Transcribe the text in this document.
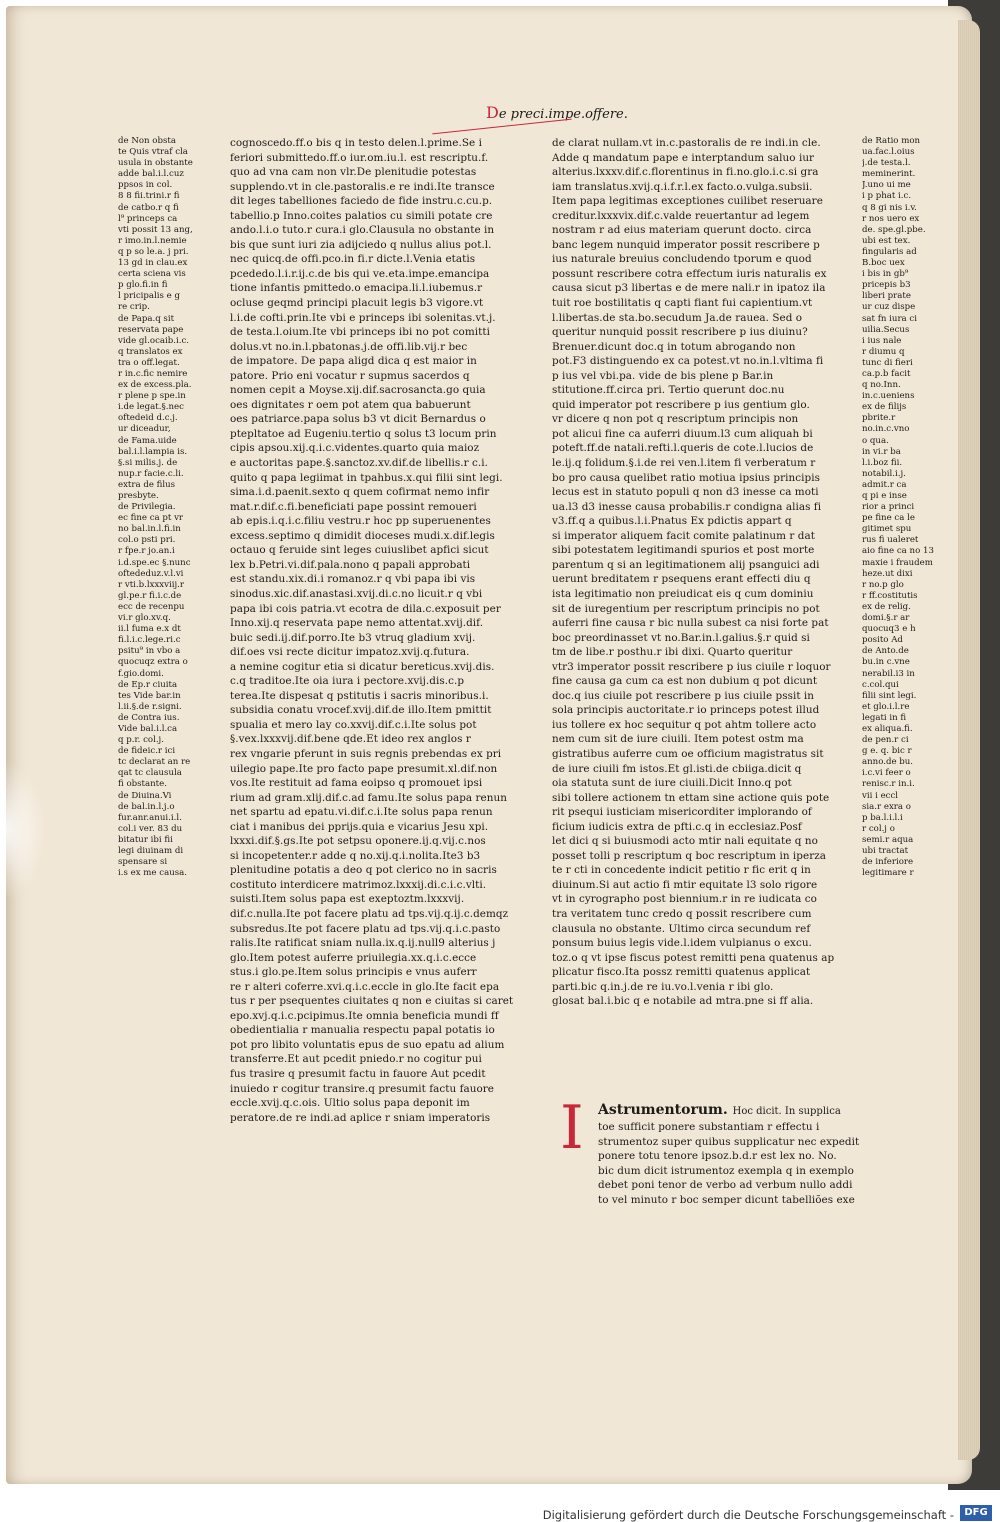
De preci.impe.offere.
de Non obsta
te Quis vtraf cla
usula in obstante
adde bal.i.l.cuz
ppsos in col.
8 8 fii.trini.r fi
de catbo.r q fi
l⁹ princeps ca
vti possit 13 ang,
r imo.in.l.nemie
q p so le.a. j pri.
13 gd in clau.ex
certa sciena vis
p glo.fi.in fi
l pricipalis e g
re crip.
de Papa.q sit
reservata pape
vide gl.ocaib.i.c.
q translatos ex
tra o off.legat.
r in.c.fic nemire
ex de excess.pla.
r plene p spe.in
i.de legat.§.nec
oftedeid d.c.j.
ur diceadur,
de Fama.uide
bal.i.l.lampia is.
§.si milis.j. de
nup.r facie.c.li.
extra de filus
presbyte.
de Privilegia.
ec fine ca pt vr
no bal.in.l.fi.in
col.o psti pri.
r fpe.r jo.an.i
i.d.spe.ec §.nunc
oftededuz.v.l.vi
r vti.b.lxxxviij.r
gl.pe.r fi.i.c.de
ecc de recenpu
vi.r glo.xv.q.
ii.l fuma e.x dt
fi.l.i.c.lege.ri.c
psitu⁹ in vbo a
quocuqz extra o
f.gio.domi.
de Ep.r ciuita
tes Vide bar.in
l.ii.§.de r.signi.
de Contra ius.
Vide bal.i.l.ca
q p.r. col.j.
de fideic.r ici
tc declarat an re
qat tc clausula
fi obstante.
de Diuina.Vi
de bal.in.l.j.o
fur.anr.anui.i.l.
col.i ver. 83 du
bitatur ibi fii
legi diuinam di
spensare si
i.s ex me causa.
cognoscedo.ff.o bis q in testo delen.l.prime.Se i
feriori submittedo.ff.o iur.om.iu.l. est rescriptu.f.
quo ad vna cam non vlr.De plenitudie potestas
supplendo.vt in cle.pastoralis.e re indi.Ite transce
dit leges tabelliones faciedo de fide instru.c.cu.p.
tabellio.p Inno.coites palatios cu simili potate cre
ando.l.i.o tuto.r cura.i glo.Clausula no obstante in
bis que sunt iuri zia adijciedo q nullus alius pot.l.
nec quicq.de offi.pco.in fi.r dicte.l.Venia etatis
pcededo.l.i.r.ij.c.de bis qui ve.eta.impe.emancipa
tione infantis pmittedo.o emacipa.li.l.iubemus.r
ocluse geqmd principi placuit legis b3 vigore.vt
l.i.de cofti.prin.Ite vbi e princeps ibi solenitas.vt.j.
de testa.l.oium.Ite vbi princeps ibi no pot comitti
dolus.vt no.in.l.pbatonas.j.de offi.lib.vij.r bec
de impatore. De papa aligd dica q est maior in
patore. Prio eni vocatur r supmus sacerdos q
nomen cepit a Moyse.xij.dif.sacrosancta.go quia
oes dignitates r oem pot atem qua babuerunt
oes patriarce.papa solus b3 vt dicit Bernardus o
ptepltatoe ad Eugeniu.tertio q solus t3 locum prin
cipis apsou.xij.q.i.c.videntes.quarto quia maioz
e auctoritas pape.§.sanctoz.xv.dif.de libellis.r c.i.
quito q papa legiimat in tpahbus.x.qui filii sint legi.
sima.i.d.paenit.sexto q quem cofirmat nemo infir
mat.r.dif.c.fi.beneficiati pape possint remoueri
ab epis.i.q.i.c.filiu vestru.r hoc pp superuenentes
excess.septimo q dimidit dioceses mudi.x.dif.legis
octauo q feruide sint leges cuiuslibet apfici sicut
lex b.Petri.vi.dif.pala.nono q papali approbati
est standu.xix.di.i romanoz.r q vbi papa ibi vis
sinodus.xic.dif.anastasi.xvij.di.c.no licuit.r q vbi
papa ibi cois patria.vt ecotra de dila.c.exposuit per
Inno.xij.q reservata pape nemo attentat.xvij.dif.
buic sedi.ij.dif.porro.Ite b3 vtruq gladium xvij.
dif.oes vsi recte dicitur impatoz.xvij.q.futura.
a nemine cogitur etia si dicatur bereticus.xvij.dis.
c.q traditoe.Ite oia iura i pectore.xvij.dis.c.p
terea.Ite dispesat q pstitutis i sacris minoribus.i.
subsidia conatu vrocef.xvij.dif.de illo.Item pmittit
spualia et mero lay co.xxvij.dif.c.i.Ite solus pot
§.vex.lxxxvij.dif.bene qde.Et ideo rex anglos r
rex vngarie pferunt in suis regnis prebendas ex pri
uilegio pape.Ite pro facto pape presumit.xl.dif.non
vos.Ite restituit ad fama eoipso q promouet ipsi
rium ad gram.xlij.dif.c.ad famu.Ite solus papa renun
net spartu ad epatu.vi.dif.c.i.Ite solus papa renun
ciat i manibus dei pprijs.quia e vicarius Jesu xpi.
lxxxi.dif.§.gs.Ite pot setpsu oponere.ij.q.vij.c.nos
si incopetenter.r adde q no.xij.q.i.nolita.Ite3 b3
plenitudine potatis a deo q pot clerico no in sacris
costituto interdicere matrimoz.lxxxij.di.c.i.c.vlti.
suisti.Item solus papa est exeptoztm.lxxxvij.
dif.c.nulla.Ite pot facere platu ad tps.vij.q.ij.c.demqz
subsredus.Ite pot facere platu ad tps.vij.q.i.c.pasto
ralis.Ite ratificat sniam nulla.ix.q.ij.null9 alterius j
glo.Item potest auferre priuilegia.xx.q.i.c.ecce
stus.i glo.pe.Item solus principis e vnus auferr
re r alteri coferre.xvi.q.i.c.eccle in glo.Ite facit epa
tus r per psequentes ciuitates q non e ciuitas si caret
epo.xvj.q.i.c.pcipimus.Ite omnia beneficia mundi ff
obedientialia r manualia respectu papal potatis io
pot pro libito voluntatis epus de suo epatu ad alium
transferre.Et aut pcedit pniedo.r no cogitur pui
fus trasire q presumit factu in fauore Aut pcedit
inuiedo r cogitur transire.q presumit factu fauore
eccle.xvij.q.c.ois. Ultio solus papa deponit im
peratore.de re indi.ad aplice r sniam imperatoris
de clarat nullam.vt in.c.pastoralis de re indi.in cle.
Adde q mandatum pape e interptandum saluo iur
alterius.lxxxv.dif.c.florentinus in fi.no.glo.i.c.si gra
iam translatus.xvij.q.i.f.r.l.ex facto.o.vulga.subsii.
Item papa legitimas exceptiones cuilibet reseruare
creditur.lxxxvix.dif.c.valde reuertantur ad legem
nostram r ad eius materiam querunt docto. circa
banc legem nunquid imperator possit rescribere p
ius naturale breuius concludendo tporum e quod
possunt rescribere cotra effectum iuris naturalis ex
causa sicut p3 libertas e de mere nali.r in ipatoz ila
tuit roe bostilitatis q capti fiant fui capientium.vt
l.libertas.de sta.bo.secudum Ja.de rauea. Sed o
queritur nunquid possit rescribere p ius diuinu?
Brenuer.dicunt doc.q in totum abrogando non
pot.F3 distinguendo ex ca potest.vt no.in.l.vltima fi
p ius vel vbi.pa. vide de bis plene p Bar.in
stitutione.ff.circa pri. Tertio querunt doc.nu
quid imperator pot rescribere p ius gentium glo.
vr dicere q non pot q rescriptum principis non
pot alicui fine ca auferri diuum.l3 cum aliquah bi
poteft.ff.de natali.refti.l.queris de cote.l.lucios de
le.ij.q folidum.§.i.de rei ven.l.item fi verberatum r
bo pro causa quelibet ratio motiua ipsius principis
lecus est in statuto populi q non d3 inesse ca moti
ua.l3 d3 inesse causa probabilis.r condigna alias fi
v3.ff.q a quibus.l.i.Pnatus Ex pdictis appart q
si imperator aliquem facit comite palatinum r dat
sibi potestatem legitimandi spurios et post morte
parentum q si an legitimationem alij psanguici adi
uerunt breditatem r psequens erant effecti diu q
ista legitimatio non preiudicat eis q cum dominiu
sit de iuregentium per rescriptum principis no pot
auferri fine causa r bic nulla subest ca nisi forte pat
boc preordinasset vt no.Bar.in.l.galius.§.r quid si
tm de libe.r posthu.r ibi dixi. Quarto queritur
vtr3 imperator possit rescribere p ius ciuile r loquor
fine causa ga cum ca est non dubium q pot dicunt
doc.q ius ciuile pot rescribere p ius ciuile pssit in
sola principis auctoritate.r io princeps potest illud
ius tollere ex hoc sequitur q pot ahtm tollere acto
nem cum sit de iure ciuili. Item potest ostm ma
gistratibus auferre cum oe officium magistratus sit
de iure ciuili fm istos.Et gl.isti.de cbiiga.dicit q
oia statuta sunt de iure ciuili.Dicit Inno.q pot
sibi tollere actionem tn ettam sine actione quis pote
rit psequi iusticiam misericorditer implorando of
ficium iudicis extra de pfti.c.q in ecclesiaz.Posf
let dici q si buiusmodi acto mtir nali equitate q no
posset tolli p rescriptum q boc rescriptum in iperza
te r cti in concedente indicit petitio r fic erit q in
diuinum.Si aut actio fi mtir equitate l3 solo rigore
vt in cyrographo post biennium.r in re iudicata co
tra veritatem tunc credo q possit rescribere cum
clausula no obstante. Ultimo circa secundum ref
ponsum buius legis vide.l.idem vulpianus o excu.
toz.o q vt ipse fiscus potest remitti pena quatenus ap
plicatur fisco.Ita possz remitti quatenus applicat
parti.bic q.in.j.de re iu.vo.l.venia r ibi glo.
glosat bal.i.bic q e notabile ad mtra.pne si ff alia.
I	Astrumentorum. Hoc dicit. In supplica
toe sufficit ponere substantiam r effectu i
strumentoz super quibus supplicatur nec expedit
ponere totu tenore ipsoz.b.d.r est lex no. No.
bic dum dicit istrumentoz exempla q in exemplo
debet poni tenor de verbo ad verbum nullo addi
to vel minuto r boc semper dicunt tabelliões exe
de Ratio mon
ua.fac.l.oius
j.de testa.l.
meminerint.
J.uno ui me
i p phat i.c.
q 8 gi nis i.v.
r nos uero ex
de. spe.gl.pbe.
ubi est tex.
fingularis ad
B.boc uex
i bis in gb⁹
pricepis b3
liberi prate
ur cuz dispe
sat fn iura ci
uilia.Secus
i ius nale
r diumu q
tunc di fieri
ca.p.b facit
q no.Inn.
in.c.ueniens
ex de filijs
pbrite.r
no.in.c.vno
o qua.
in vi.r ba
l.i.boz fii.
notabil.i.j.
admit.r ca
q pi e inse
rior a princi
pe fine ca le
gitimet spu
rus fi ualeret
aio fine ca no 13
maxie i fraudem
heze.ut dixi
r no.p glo
r ff.costitutis
ex de relig.
domi.§.r ar
quocuq3 e h
posito Ad
de Anto.de
bu.in c.vne
nerabil.i3 in
c.col.qui
filii sint legi.
et glo.i.l.re
legati in fi
ex aliqua.fi.
de pen.r ci
g e. q. bic r
anno.de bu.
i.c.vi feer o
renisc.r in.i.
vii i eccl
sia.r exra o
p ba.l.i.l.i
r col.j o
semi.r aqua
ubi tractat
de inferiore
legitimare r
Digitalisierung gefördert durch die Deutsche Forschungsgemeinschaft -	DFG
